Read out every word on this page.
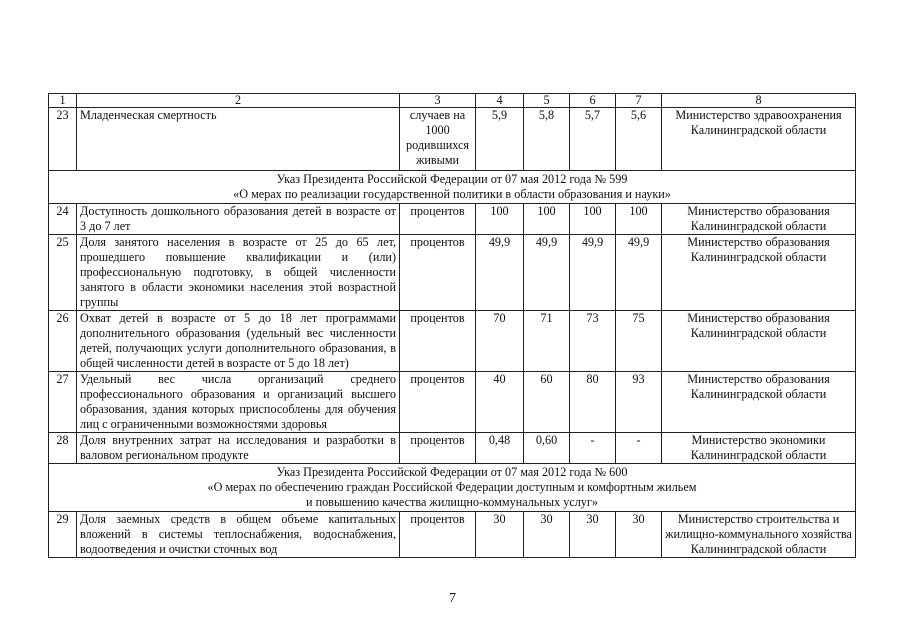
1	2	3	4	5	6	7	8
23	Младенческая смертность	случаев на 1000 родившихся живыми	5,9	5,8	5,7	5,6	Министерство здравоохранения Калининградской области

Указ Президента Российской Федерации от 07 мая 2012 года № 599
«О мерах по реализации государственной политики в области образования и науки»							

24	Доступность дошкольного образования детей в возрасте от 3 до 7 лет	процентов	100	100	100	100	Министерство образования Калининградской области
25	Доля занятого населения в возрасте от 25 до 65 лет, прошедшего повышение квалификации и (или) профессиональную подготовку, в общей численности занятого в области экономики населения этой возрастной группы	процентов	49,9	49,9	49,9	49,9	Министерство образования Калининградской области
26	Охват детей в возрасте от 5 до 18 лет программами дополнительного образования (удельный вес численности детей, получающих услуги дополнительного образования, в общей численности детей в возрасте от 5 до 18 лет)	процентов	70	71	73	75	Министерство образования Калининградской области
27	Удельный вес числа организаций среднего профессионального образования и организаций высшего образования, здания которых приспособлены для обучения лиц с ограниченными возможностями здоровья	процентов	40	60	80	93	Министерство образования Калининградской области
28	Доля внутренних затрат на исследования и разработки в валовом региональном продукте	процентов	0,48	0,60	-	-	Министерство экономики Калининградской области

Указ Президента Российской Федерации от 07 мая 2012 года № 600
«О мерах по обеспечению граждан Российской Федерации доступным и комфортным жильем
и повышению качества жилищно-коммунальных услуг»							

29	Доля заемных средств в общем объеме капитальных вложений в системы теплоснабжения, водоснабжения, водоотведения и очистки сточных вод	процентов	30	30	30	30	Министерство строительства и жилищно-коммунального хозяйства Калининградской области
7
